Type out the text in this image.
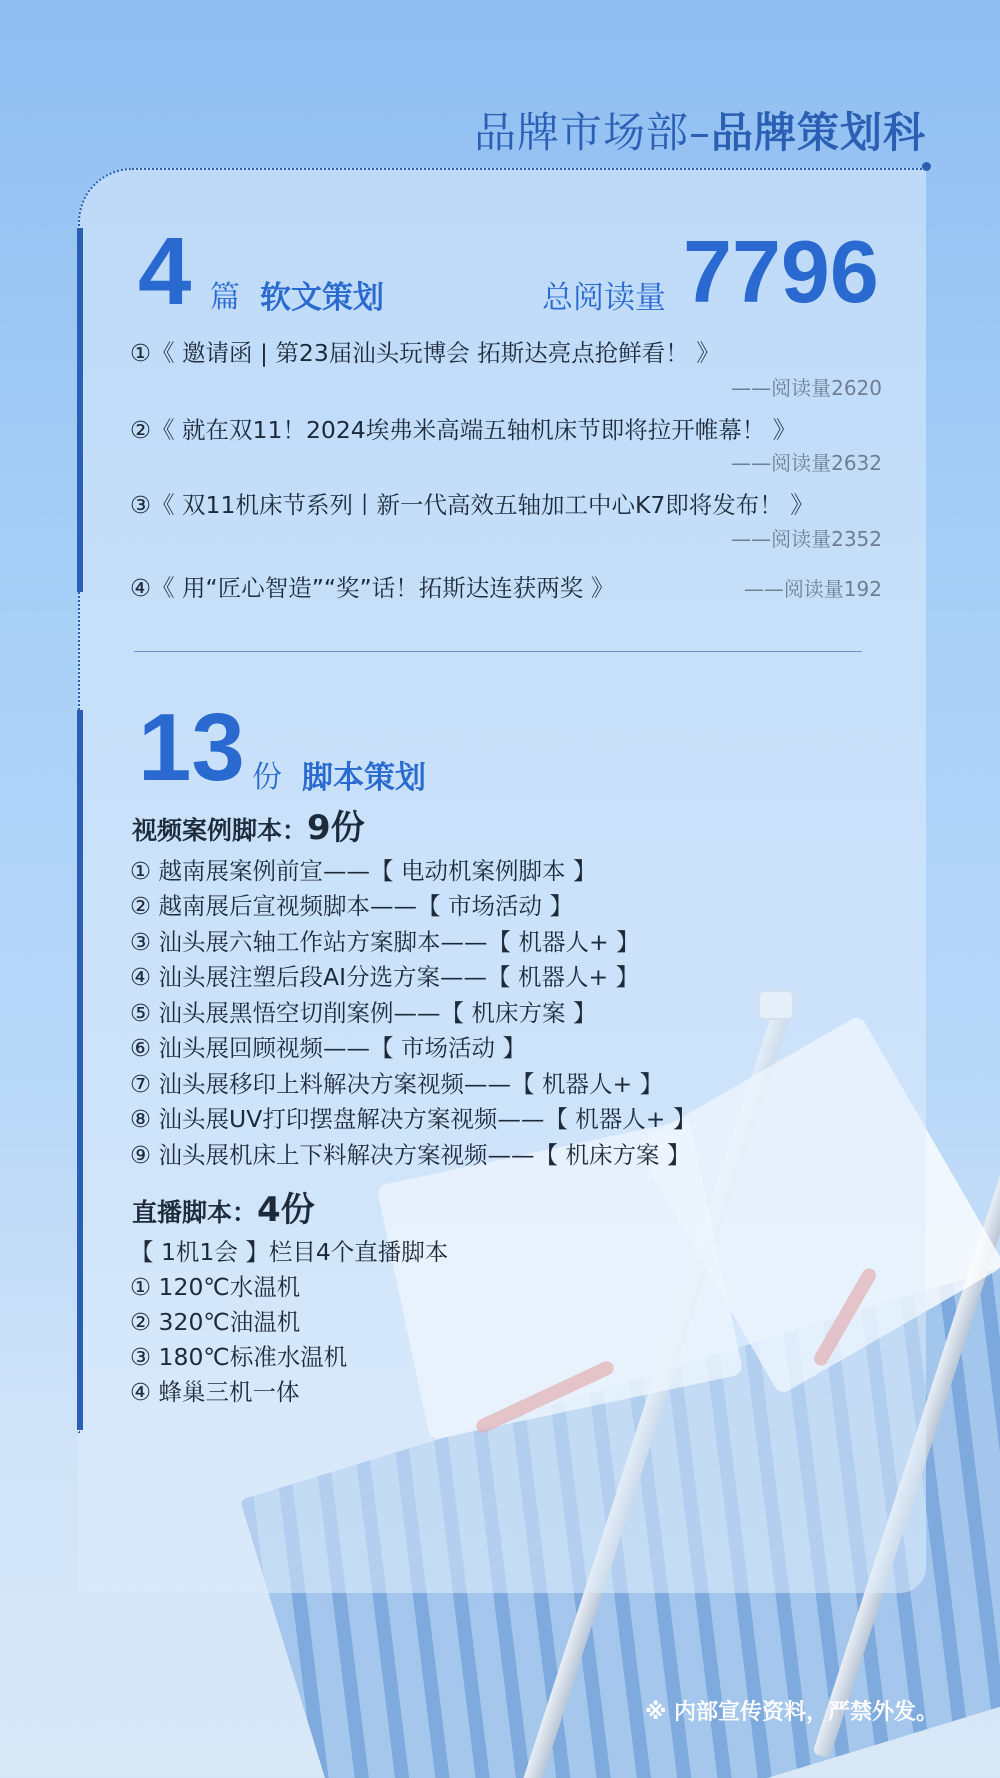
品牌市场部–品牌策划科
4 篇 软文策划	总阅读量 7796
①《 邀请函 | 第23届汕头玩博会 拓斯达亮点抢鲜看！ 》
——阅读量2620
②《 就在双11！2024埃弗米高端五轴机床节即将拉开帷幕！ 》
——阅读量2632
③《 双11机床节系列丨新一代高效五轴加工中心K7即将发布！ 》
——阅读量2352
④《 用“匠心智造”“奖”话！拓斯达连获两奖 》	——阅读量192
13 份 脚本策划
视频案例脚本：9份
① 越南展案例前宣——【 电动机案例脚本 】
② 越南展后宣视频脚本——【 市场活动 】
③ 汕头展六轴工作站方案脚本——【 机器人+ 】
④ 汕头展注塑后段AI分选方案——【 机器人+ 】
⑤ 汕头展黑悟空切削案例——【 机床方案 】
⑥ 汕头展回顾视频——【 市场活动 】
⑦ 汕头展移印上料解决方案视频——【 机器人+ 】
⑧ 汕头展UV打印摆盘解决方案视频——【 机器人+ 】
⑨ 汕头展机床上下料解决方案视频——【 机床方案 】
直播脚本：4份
【 1机1会 】栏目4个直播脚本
① 120℃水温机
② 320℃油温机
③ 180℃标准水温机
④ 蜂巢三机一体
※ 内部宣传资料，严禁外发。
